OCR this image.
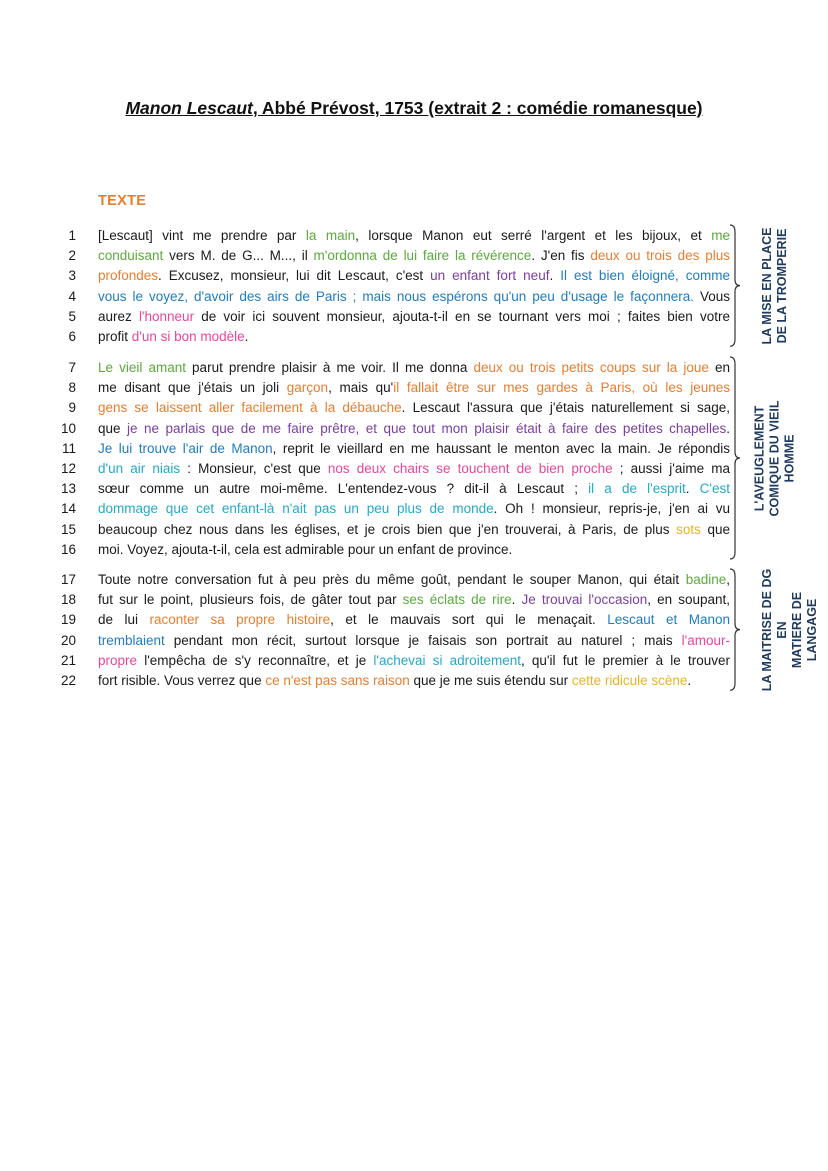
Manon Lescaut, Abbé Prévost, 1753 (extrait 2 : comédie romanesque)
TEXTE
1 [Lescaut] vint me prendre par la main, lorsque Manon eut serré l'argent et les bijoux, et me
2 conduisant vers M. de G... M..., il m'ordonna de lui faire la révérence. J'en fis deux ou trois des plus
3 profondes. Excusez, monsieur, lui dit Lescaut, c'est un enfant fort neuf. Il est bien éloigné, comme
4 vous le voyez, d'avoir des airs de Paris ; mais nous espérons qu'un peu d'usage le façonnera. Vous
5 aurez l'honneur de voir ici souvent monsieur, ajouta-t-il en se tournant vers moi ; faites bien votre
6 profit d'un si bon modèle.	LA MISE EN PLACE DE LA TROMPERIE
7 Le vieil amant parut prendre plaisir à me voir. Il me donna deux ou trois petits coups sur la joue en
8 me disant que j'étais un joli garçon, mais qu'il fallait être sur mes gardes à Paris, où les jeunes
9 gens se laissent aller facilement à la débauche. Lescaut l'assura que j'étais naturellement si sage,
10 que je ne parlais que de me faire prêtre, et que tout mon plaisir était à faire des petites chapelles.
11 Je lui trouve l'air de Manon, reprit le vieillard en me haussant le menton avec la main. Je répondis
12 d'un air niais : Monsieur, c'est que nos deux chairs se touchent de bien proche ; aussi j'aime ma
13 sœur comme un autre moi-même. L'entendez-vous ? dit-il à Lescaut ; il a de l'esprit. C'est
14 dommage que cet enfant-là n'ait pas un peu plus de monde. Oh ! monsieur, repris-je, j'en ai vu
15 beaucoup chez nous dans les églises, et je crois bien que j'en trouverai, à Paris, de plus sots que
16 moi. Voyez, ajouta-t-il, cela est admirable pour un enfant de province.
L'AVEUGLEMENT COMIQUE DU VIEIL HOMME
17 Toute notre conversation fut à peu près du même goût, pendant le souper Manon, qui était badine,
18 fut sur le point, plusieurs fois, de gâter tout par ses éclats de rire. Je trouvai l'occasion, en soupant,
19 de lui raconter sa propre histoire, et le mauvais sort qui le menaçait. Lescaut et Manon
20 tremblaient pendant mon récit, surtout lorsque je faisais son portrait au naturel ; mais l'amour-
21 propre l'empêcha de s'y reconnaître, et je l'achevai si adroitement, qu'il fut le premier à le trouver
22 fort risible. Vous verrez que ce n'est pas sans raison que je me suis étendu sur cette ridicule scène.	LA MAITRISE DE DG EN MATIERE DE LANGAGE
